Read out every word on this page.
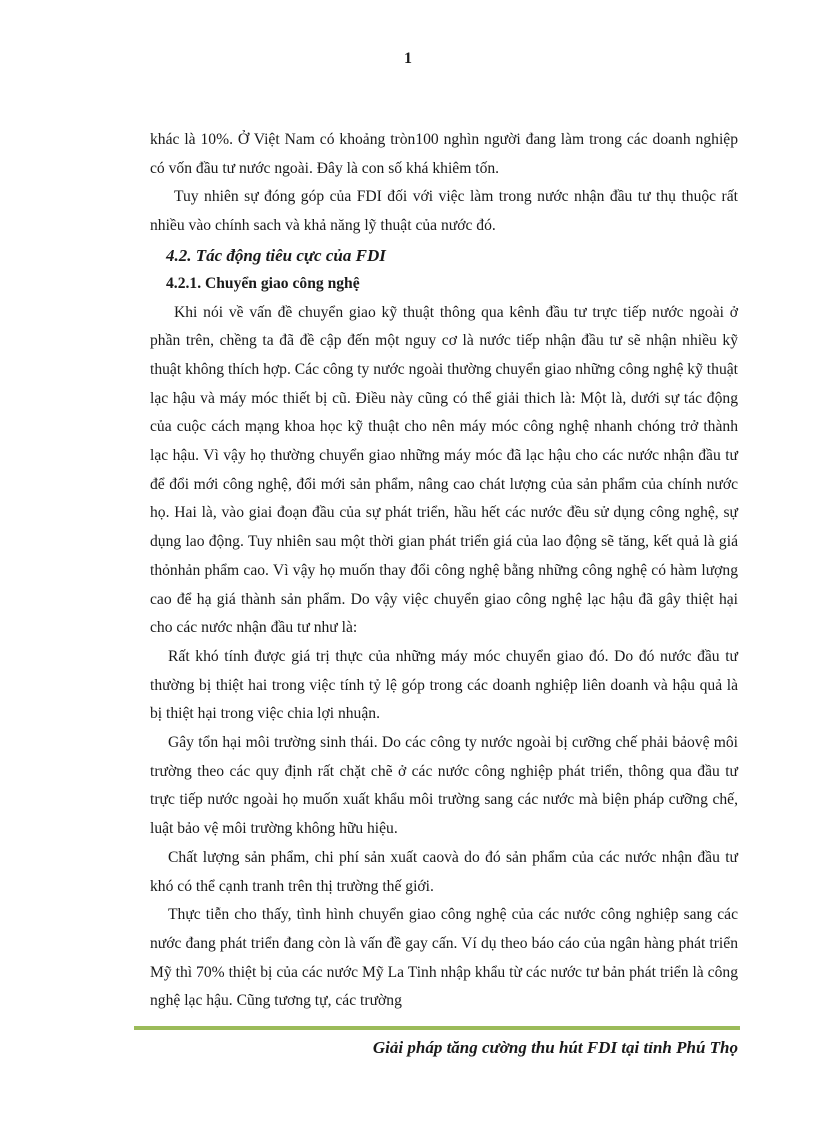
1

khác là 10%. Ở Việt Nam có khoảng tròn100 nghìn người đang làm trong các doanh nghiệp có vốn đầu tư nước ngoài. Đây là con số khá khiêm tốn.

Tuy nhiên sự đóng góp của FDI đối với việc làm trong nước nhận đầu tư thụ thuộc rất nhiều vào chính sach và khả năng lỹ thuật của nước đó.

4.2. Tác động tiêu cực của FDI

4.2.1. Chuyển giao công nghệ

Khi nói về vấn đề chuyển giao kỹ thuật thông qua kênh đầu tư trực tiếp nước ngoài ở phần trên, chềng ta đã đề cập đến một nguy cơ là nước tiếp nhận đầu tư sẽ nhận nhiều kỹ thuật không thích hợp. Các công ty nước ngoài thường chuyển giao những công nghệ kỹ thuật lạc hậu và máy móc thiết bị cũ. Điều này cũng có thể giải thich là: Một là, dưới sự tác động của cuộc cách mạng khoa học kỹ thuật cho nên máy móc công nghệ nhanh chóng trở thành lạc hậu. Vì vậy họ thường chuyển giao những máy móc đã lạc hậu cho các nước nhận đầu tư để đổi mới công nghệ, đổi mới sản phẩm, nâng cao chát lượng của sản phẩm của chính nước họ. Hai là, vào giai đoạn đầu của sự phát triển, hầu hết các nước đều sử dụng công nghệ, sự dụng lao động. Tuy nhiên sau một thời gian phát triển giá của lao động sẽ tăng, kết quả là giá thỏnhản phẩm cao. Vì vậy họ muốn thay đổi công nghệ bằng những công nghệ có hàm lượng cao để hạ giá thành sản phẩm. Do vậy việc chuyển giao công nghệ lạc hậu đã gây thiệt hại cho các nước nhận đầu tư như là:

Rất khó tính được giá trị thực của những máy móc chuyển giao đó. Do đó nước đầu tư thường bị thiệt hai trong việc tính tỷ lệ góp trong các doanh nghiệp liên doanh và hậu quả là bị thiệt hại trong việc chia lợi nhuận.

Gây tổn hại môi trường sinh thái. Do các công ty nước ngoài bị cưỡng chế phải bảovệ môi trường theo các quy định rất chặt chẽ ở các nước công nghiệp phát triển, thông qua đầu tư trực tiếp nước ngoài họ muốn xuất khẩu môi trường sang các nước mà biện pháp cưỡng chế, luật bảo vệ môi trường không hữu hiệu.

Chất lượng sản phẩm, chi phí sản xuất caovà do đó sản phẩm của các nước nhận đầu tư khó có thể cạnh tranh trên thị trường thế giới.

Thực tiễn cho thấy, tình hình chuyển giao công nghệ của các nước công nghiệp sang các nước đang phát triển đang còn là vấn đề gay cấn. Ví dụ theo báo cáo của ngân hàng phát triển Mỹ thì 70% thiệt bị của các nước Mỹ La Tinh nhập khẩu từ các nước tư bản phát triển là công nghệ lạc hậu. Cũng tương tự, các trường

Giải pháp tăng cường thu hút FDI tại tỉnh Phú Thọ
